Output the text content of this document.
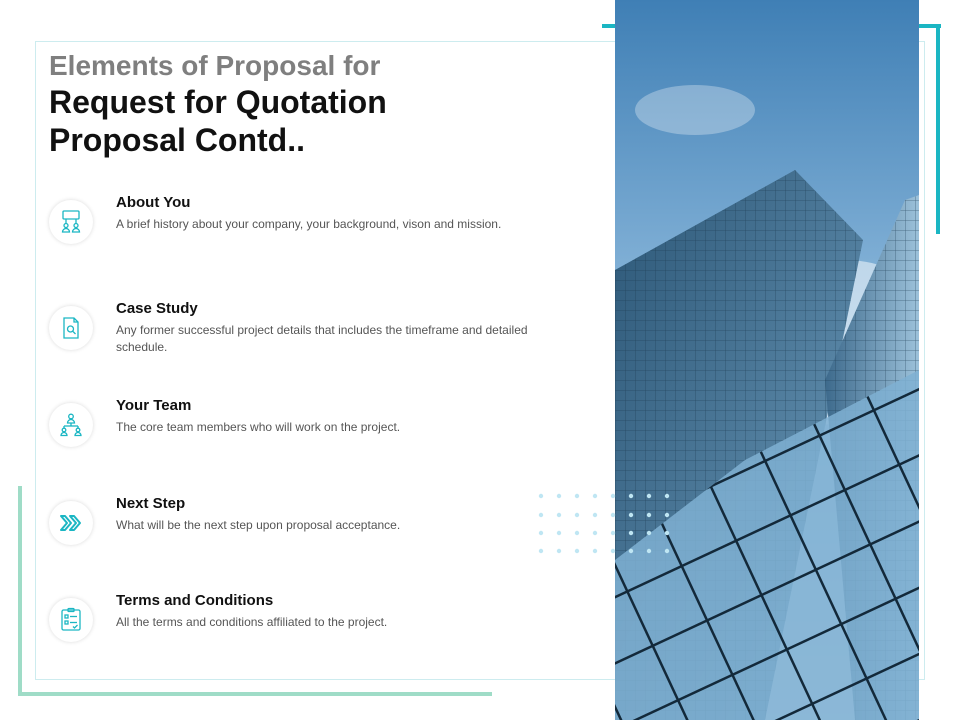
Elements of Proposal for
Request for Quotation
Proposal Contd..
About You
A brief history about your company, your background, vison and mission.
Case Study
Any former successful project details that includes the timeframe and detailed schedule.
Your Team
The core team members who will work on the project.
Next Step
What will be the next step upon proposal acceptance.
Terms and Conditions
All the terms and conditions affiliated to the project.
